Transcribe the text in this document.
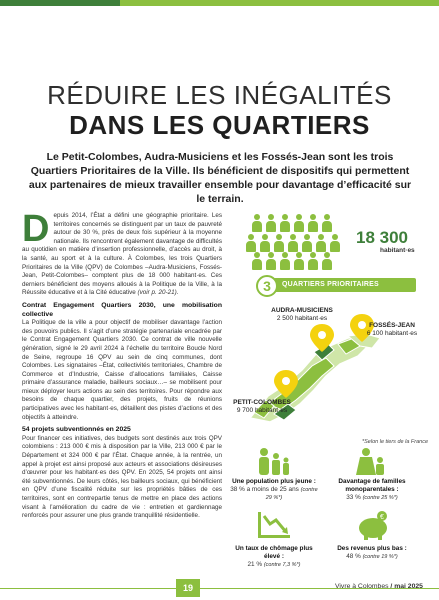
RÉDUIRE LES INÉGALITÉS
DANS LES QUARTIERS

Le Petit-Colombes, Audra-Musiciens et les Fossés-Jean sont les trois Quartiers Prioritaires de la Ville. Ils bénéficient de dispositifs qui permettent aux partenaires de mieux travailler ensemble pour davantage d’efficacité sur le terrain.

Depuis 2014, l’État a défini une géographie prioritaire. Les territoires concernés se distinguent par un taux de pauvreté autour de 30 %, près de deux fois supérieur à la moyenne nationale. Ils rencontrent également davantage de difficultés au quotidien en matière d’insertion professionnelle, d’accès au droit, à la santé, au sport et à la culture. À Colombes, les trois Quartiers Prioritaires de la Ville (QPV) de Colombes –Audra-Musiciens, Fossés-Jean, Petit-Colombes– comptent plus de 18 000 habitant·es. Ces derniers bénéficient des moyens alloués à la Politique de la Ville, à la Réussite éducative et à la Cité éducative (voir p. 20-21).

Contrat Engagement Quartiers 2030, une mobilisation collective

La Politique de la ville a pour objectif de mobiliser davantage l’action des pouvoirs publics. Il s’agit d’une stratégie partenariale encadrée par le Contrat Engagement Quartiers 2030. Ce contrat de ville nouvelle génération, signé le 29 avril 2024 à l’échelle du territoire Boucle Nord de Seine, regroupe 16 QPV au sein de cinq communes, dont Colombes. Les signataires –État, collectivités territoriales, Chambre de Commerce et d’Industrie, Caisse d’allocations familiales, Caisse primaire d’assurance maladie, bailleurs sociaux…– se mobilisent pour mieux déployer leurs actions au sein des territoires. Pour répondre aux besoins de chaque quartier, des projets, fruits de réunions participatives avec les habitant·es, détaillent des pistes d’actions et des objectifs à atteindre.

54 projets subventionnés en 2025

Pour financer ces initiatives, des budgets sont destinés aux trois QPV colombiens : 213 000 € mis à disposition par la Ville, 213 000 € par le Département et 324 000 € par l’État. Chaque année, à la rentrée, un appel à projet est ainsi proposé aux acteurs et associations désireuses d’œuvrer pour les habitant·es des QPV. En 2025, 54 projets ont ainsi été subventionnés. De leurs côtés, les bailleurs sociaux, qui bénéficient en QPV d’une fiscalité réduite sur les propriétés bâties de ces territoires, sont en contrepartie tenus de mettre en place des actions visant à l’amélioration du cadre de vie : entretien et gardiennage renforcés pour assurer une plus grande tranquillité résidentielle.

18 300
habitant·es
3	QUARTIERS PRIORITAIRES
AUDRA-MUSICIENS
2 500 habitant·es
FOSSÉS-JEAN
6 100 habitant·es
PETIT-COLOMBES
9 700 habitant·es
*Selon le tiers de la France
€
Une population plus jeune :
38 % a moins de 25 ans (contre 29 %*)
Davantage de familles monoparentales :
33 % (contre 25 %*)
Un taux de chômage plus élevé :
21 % (contre 7,3 %*)
Des revenus plus bas :
48 % (contre 19 %*)
19	Vivre à Colombes / mai 2025
